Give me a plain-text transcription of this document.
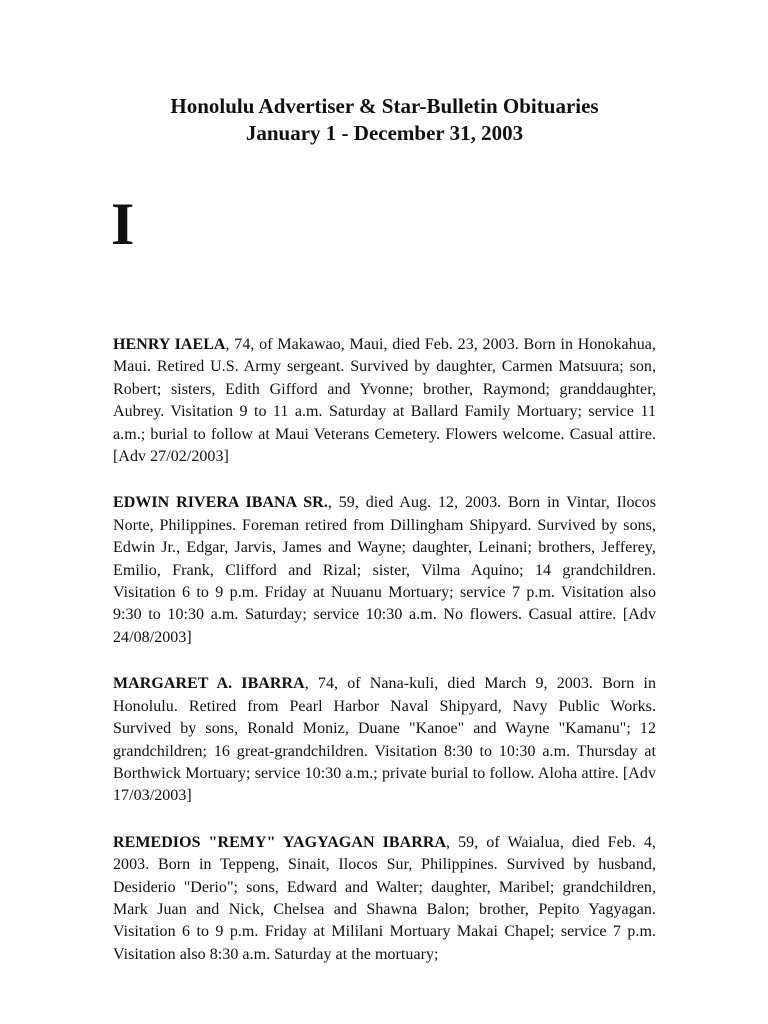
Honolulu Advertiser & Star-Bulletin Obituaries
January 1 - December 31, 2003
I

HENRY IAELA, 74, of Makawao, Maui, died Feb. 23, 2003. Born in Honokahua, Maui. Retired U.S. Army sergeant. Survived by daughter, Carmen Matsuura; son, Robert; sisters, Edith Gifford and Yvonne; brother, Raymond; granddaughter, Aubrey. Visitation 9 to 11 a.m. Saturday at Ballard Family Mortuary; service 11 a.m.; burial to follow at Maui Veterans Cemetery. Flowers welcome. Casual attire. [Adv 27/02/2003]

EDWIN RIVERA IBANA SR., 59, died Aug. 12, 2003. Born in Vintar, Ilocos Norte, Philippines. Foreman retired from Dillingham Shipyard. Survived by sons, Edwin Jr., Edgar, Jarvis, James and Wayne; daughter, Leinani; brothers, Jefferey, Emilio, Frank, Clifford and Rizal; sister, Vilma Aquino; 14 grandchildren. Visitation 6 to 9 p.m. Friday at Nuuanu Mortuary; service 7 p.m. Visitation also 9:30 to 10:30 a.m. Saturday; service 10:30 a.m. No flowers. Casual attire. [Adv 24/08/2003]

MARGARET A. IBARRA, 74, of Nana-kuli, died March 9, 2003. Born in Honolulu. Retired from Pearl Harbor Naval Shipyard, Navy Public Works. Survived by sons, Ronald Moniz, Duane "Kanoe" and Wayne "Kamanu"; 12 grandchildren; 16 great-grandchildren. Visitation 8:30 to 10:30 a.m. Thursday at Borthwick Mortuary; service 10:30 a.m.; private burial to follow. Aloha attire. [Adv 17/03/2003]

REMEDIOS "REMY" YAGYAGAN IBARRA, 59, of Waialua, died Feb. 4, 2003. Born in Teppeng, Sinait, Ilocos Sur, Philippines. Survived by husband, Desiderio "Derio"; sons, Edward and Walter; daughter, Maribel; grandchildren, Mark Juan and Nick, Chelsea and Shawna Balon; brother, Pepito Yagyagan. Visitation 6 to 9 p.m. Friday at Mililani Mortuary Makai Chapel; service 7 p.m. Visitation also 8:30 a.m. Saturday at the mortuary;
